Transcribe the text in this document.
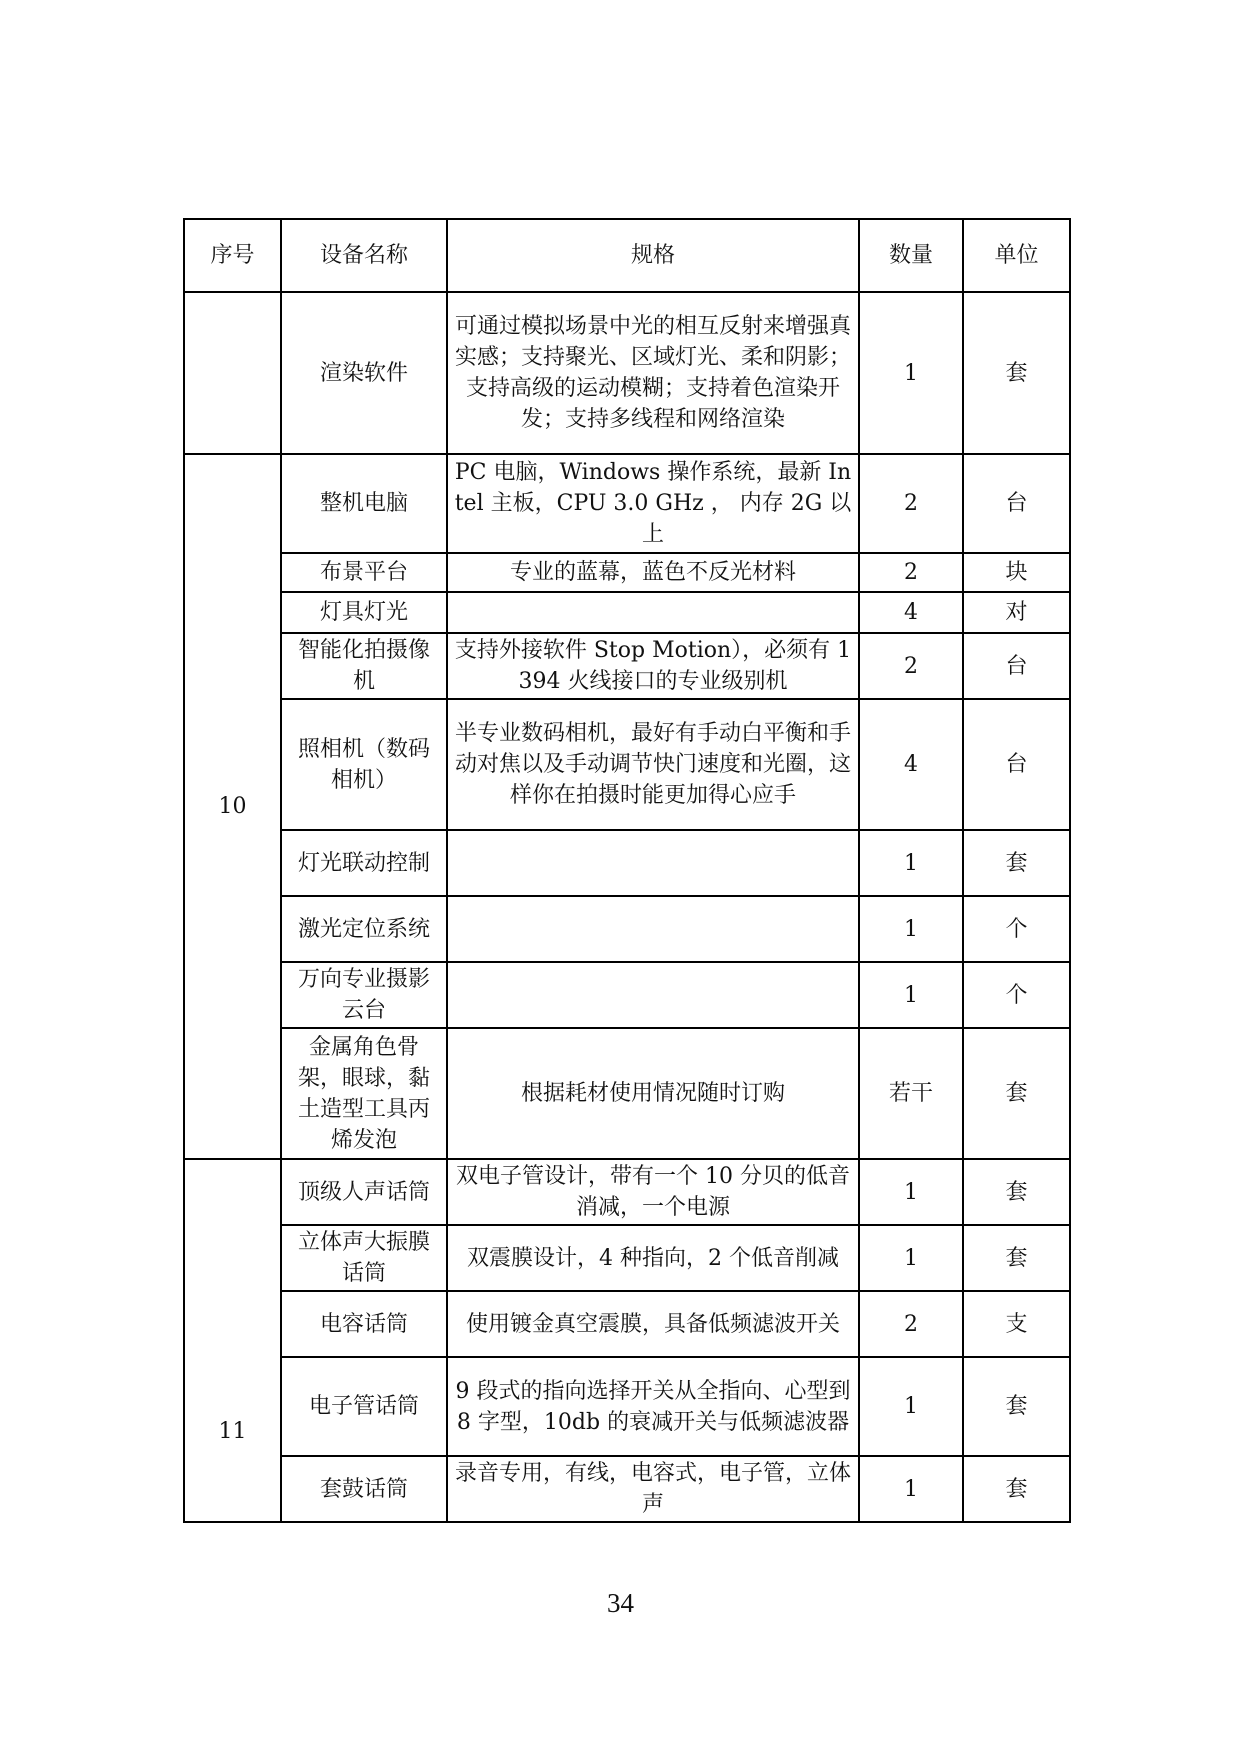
序号	设备名称	规格	数量	单位
	渲染软件	可通过模拟场景中光的相互反射来增强真实感；支持聚光、区域灯光、柔和阴影；支持高级的运动模糊；支持着色渲染开发；支持多线程和网络渲染	1	套
10	整机电脑	PC 电脑，Windows 操作系统，最新 Intel 主板，CPU 3.0 GHz ， 内存 2G 以上	2	台
	布景平台	专业的蓝幕，蓝色不反光材料	2	块
	灯具灯光		4	对
	智能化拍摄像机	支持外接软件 Stop Motion），必须有 1394 火线接口的专业级别机	2	台
	照相机（数码相机）	半专业数码相机，最好有手动白平衡和手动对焦以及手动调节快门速度和光圈，这样你在拍摄时能更加得心应手	4	台
	灯光联动控制		1	套
	激光定位系统		1	个
	万向专业摄影云台		1	个
	金属角色骨架，眼球，黏土造型工具丙烯发泡	根据耗材使用情况随时订购	若干	套
11	顶级人声话筒	双电子管设计，带有一个 10 分贝的低音消减，一个电源	1	套
	立体声大振膜话筒	双震膜设计，4 种指向，2 个低音削减	1	套
	电容话筒	使用镀金真空震膜，具备低频滤波开关	2	支
	电子管话筒	9 段式的指向选择开关从全指向、心型到 8 字型，10db 的衰减开关与低频滤波器	1	套
	套鼓话筒	录音专用，有线，电容式，电子管，立体声	1	套
34
